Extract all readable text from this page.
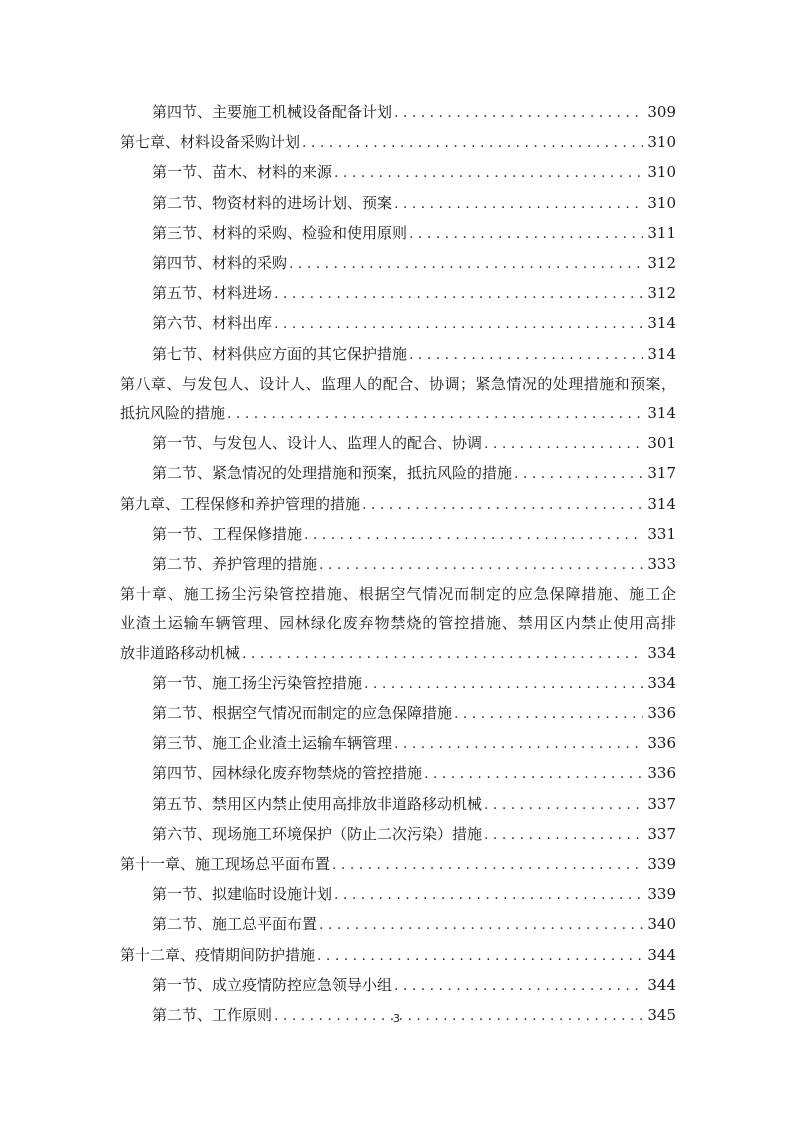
第四节、主要施工机械设备配备计划 . . .	309
第七章、材料设备采购计划 . . .	310
第一节、苗木、材料的来源 . . .	310
第二节、物资材料的进场计划、预案 . . .	310
第三节、材料的采购、检验和使用原则 . . .	311
第四节、材料的采购 . . .	312
第五节、材料进场 . . .	312
第六节、材料出库 . . .	314
第七节、材料供应方面的其它保护措施 . . .	314
第八章、与发包人、设计人、监理人的配合、协调；紧急情况的处理措施和预案，
抵抗风险的措施 . . .	314
第一节、与发包人、设计人、监理人的配合、协调 . . .	301
第二节、紧急情况的处理措施和预案，抵抗风险的措施 . . .	317
第九章、工程保修和养护管理的措施 . . .	314
第一节、工程保修措施 . . .	331
第二节、养护管理的措施 . . .	333
第十章、施工扬尘污染管控措施、根据空气情况而制定的应急保障措施、施工企
业渣土运输车辆管理、园林绿化废弃物禁烧的管控措施、禁用区内禁止使用高排
放非道路移动机械 . . .	334
第一节、施工扬尘污染管控措施 . . .	334
第二节、根据空气情况而制定的应急保障措施 . . .	336
第三节、施工企业渣土运输车辆管理 . . .	336
第四节、园林绿化废弃物禁烧的管控措施 . . .	336
第五节、禁用区内禁止使用高排放非道路移动机械 . . .	337
第六节、现场施工环境保护（防止二次污染）措施 . . .	337
第十一章、施工现场总平面布置 . . .	339
第一节、拟建临时设施计划 . . .	339
第二节、施工总平面布置 . . .	340
第十二章、疫情期间防护措施 . . .	344
第一节、成立疫情防控应急领导小组 . . .	344
第二节、工作原则 . . .	345
3
